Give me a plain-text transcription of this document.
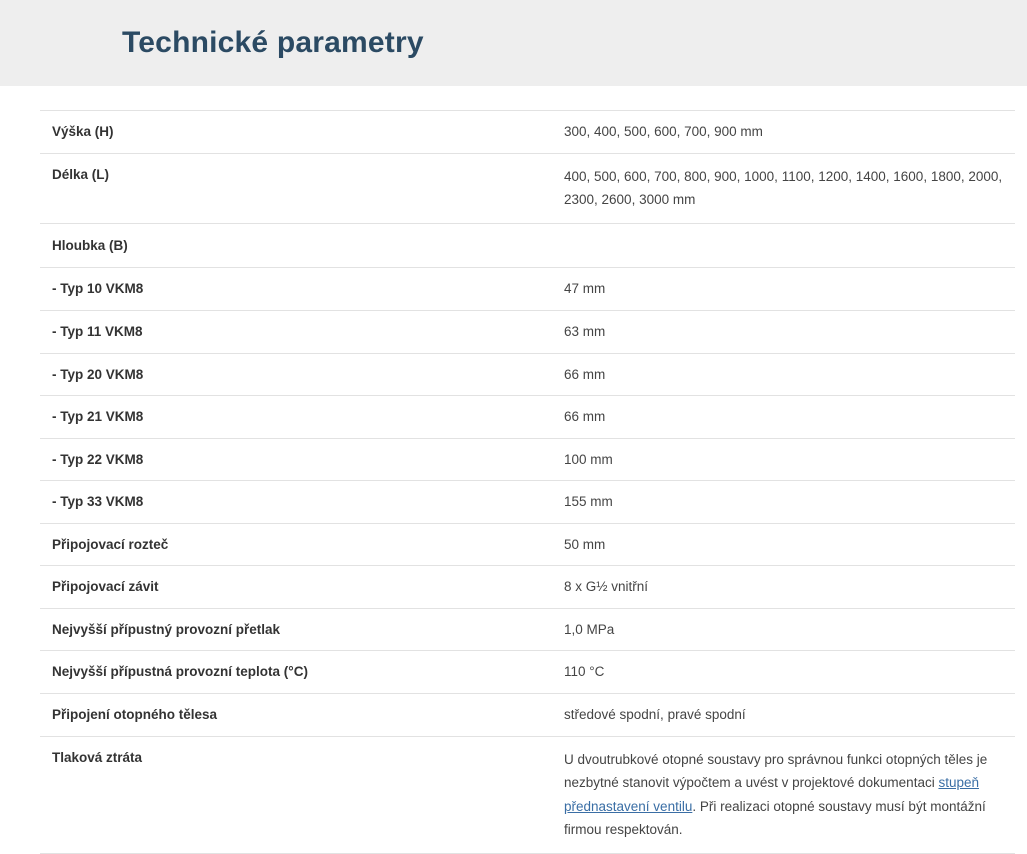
Technické parametry
Výška (H)	300, 400, 500, 600, 700, 900 mm
Délka (L)	400, 500, 600, 700, 800, 900, 1000, 1100, 1200, 1400, 1600, 1800, 2000, 2300, 2600, 3000 mm
Hloubka (B)	
- Typ 10 VKM8	47 mm
- Typ 11 VKM8	63 mm
- Typ 20 VKM8	66 mm
- Typ 21 VKM8	66 mm
- Typ 22 VKM8	100 mm
- Typ 33 VKM8	155 mm
Připojovací rozteč	50 mm
Připojovací závit	8 x G½ vnitřní
Nejvyšší přípustný provozní přetlak	1,0 MPa
Nejvyšší přípustná provozní teplota (°C)	110 °C
Připojení otopného tělesa	středové spodní, pravé spodní
Tlaková ztráta	U dvoutrubkové otopné soustavy pro správnou funkci otopných těles je nezbytné stanovit výpočtem a uvést v projektové dokumentaci stupeň přednastavení ventilu. Při realizaci otopné soustavy musí být montážní firmou respektován.
